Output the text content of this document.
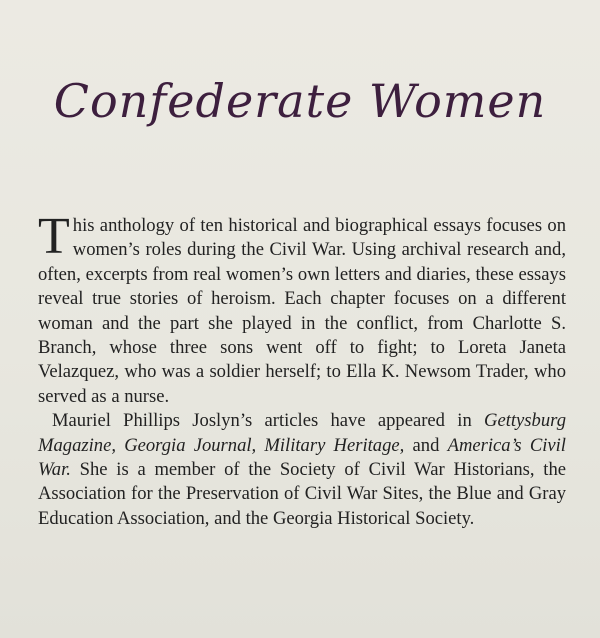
Confederate Women

This anthology of ten historical and biographical essays focuses on women’s roles during the Civil War. Using archival research and, often, excerpts from real women’s own letters and diaries, these essays reveal true stories of heroism. Each chapter focuses on a different woman and the part she played in the conflict, from Charlotte S. Branch, whose three sons went off to fight; to Loreta Janeta Velazquez, who was a soldier herself; to Ella K. Newsom Trader, who served as a nurse.

Mauriel Phillips Joslyn’s articles have appeared in Gettysburg Magazine, Georgia Journal, Military Heritage, and America’s Civil War. She is a member of the Society of Civil War Historians, the Association for the Preservation of Civil War Sites, the Blue and Gray Education Association, and the Georgia Historical Society.
